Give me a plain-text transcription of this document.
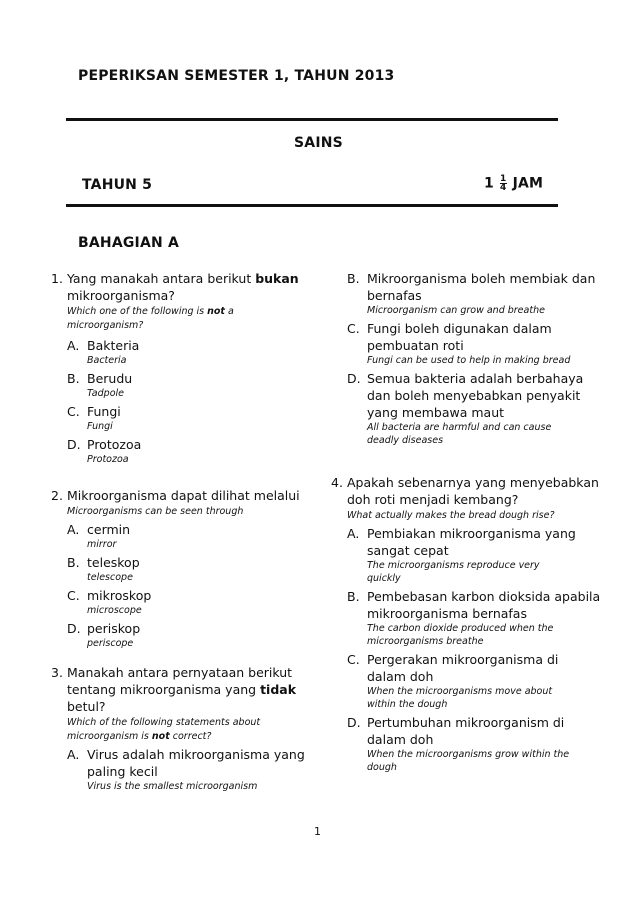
PEPERIKSAN SEMESTER 1, TAHUN 2013
SAINS
TAHUN 5	$1 \frac{1}{4}$ JAM
BAHAGIAN A
1. Yang manakah antara berikut bukan
mikroorganisma?
Which one of the following is not a
microorganism?
A. Bakteria
Bacteria
B. Berudu
Tadpole
C. Fungi
Fungi
D. Protozoa
Protozoa
2. Mikroorganisma dapat dilihat melalui
Microorganisms can be seen through
A. cermin
mirror
B. teleskop
telescope
C. mikroskop
microscope
D. periskop
periscope
3. Manakah antara pernyataan berikut
tentang mikroorganisma yang tidak
betul?
Which of the following statements about
microorganism is not correct?
A. Virus adalah mikroorganisma yang
paling kecil
Virus is the smallest microorganism
B. Mikroorganisma boleh membiak dan
bernafas
Microorganism can grow and breathe
C. Fungi boleh digunakan dalam
pembuatan roti
Fungi can be used to help in making bread
D. Semua bakteria adalah berbahaya
dan boleh menyebabkan penyakit
yang membawa maut
All bacteria are harmful and can cause
deadly diseases
4. Apakah sebenarnya yang menyebabkan
doh roti menjadi kembang?
What actually makes the bread dough rise?
A. Pembiakan mikroorganisma yang
sangat cepat
The microorganisms reproduce very
quickly
B. Pembebasan karbon dioksida apabila
mikroorganisma bernafas
The carbon dioxide produced when the
microorganisms breathe
C. Pergerakan mikroorganisma di
dalam doh
When the microorganisms move about
within the dough
D. Pertumbuhan mikroorganism di
dalam doh
When the microorganisms grow within the
dough
1
